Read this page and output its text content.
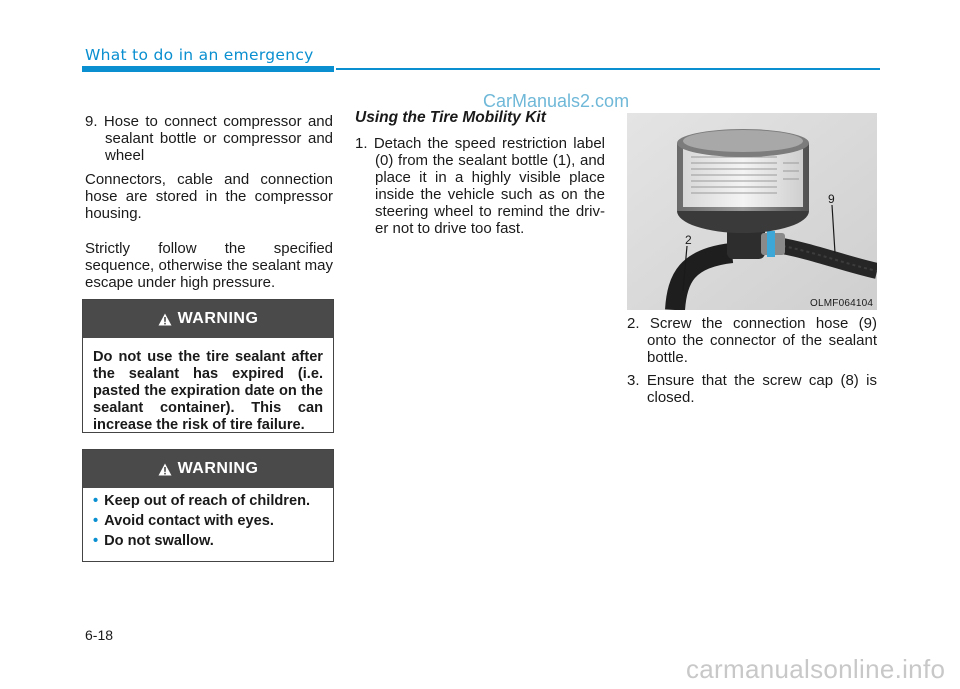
What to do in an emergency
CarManuals2.com

9. Hose to connect compressor and sealant bottle or compressor and wheel

Connectors, cable and connection hose are stored in the compressor housing.

Strictly follow the specified sequence, otherwise the sealant may escape under high pressure.

WARNING
Do not use the tire sealant after the sealant has expired (i.e. pasted the expiration date on the sealant container). This can increase the risk of tire failure.
WARNING
• Keep out of reach of children.
• Avoid contact with eyes.
• Do not swallow.
Using the Tire Mobility Kit

1. Detach the speed restriction label (0) from the sealant bottle (1), and place it in a highly visible place inside the vehicle such as on the steering wheel to remind the driv-er not to drive too fast.

2
9
OLMF064104

2. Screw the connection hose (9) onto the connector of the sealant bottle.

3. Ensure that the screw cap (8) is closed.

6-18
carmanualsonline.info
